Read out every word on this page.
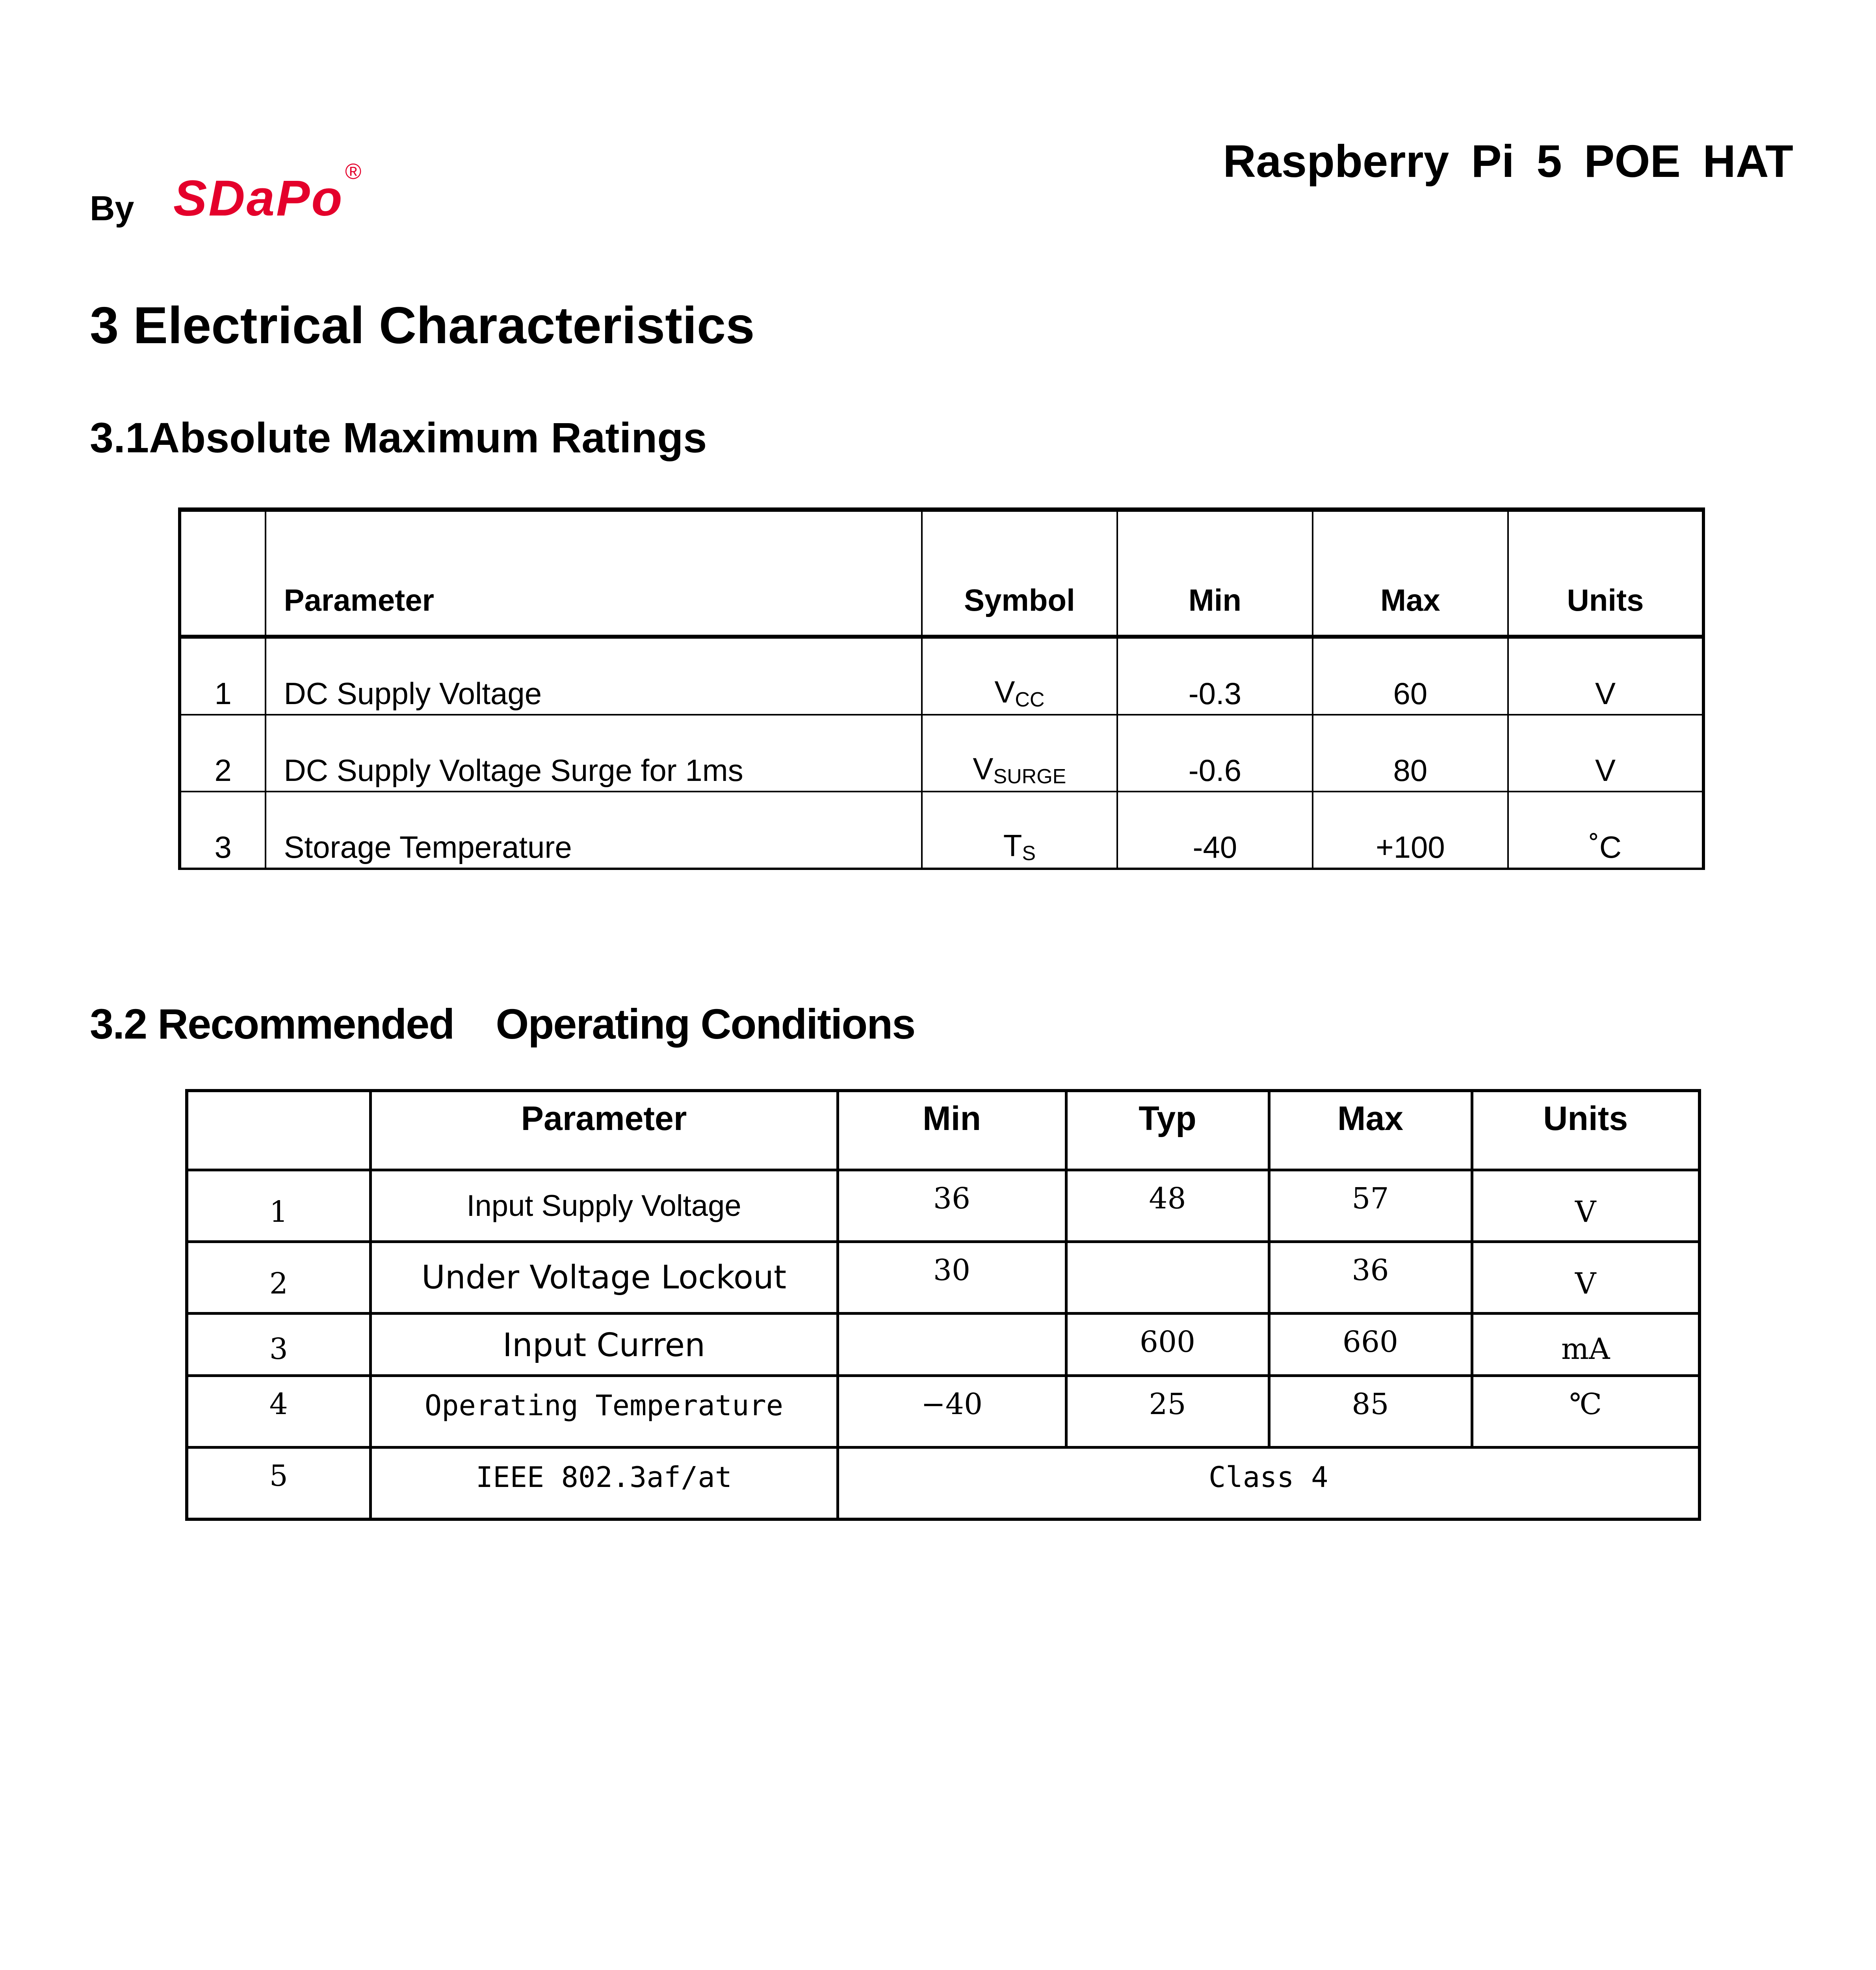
By SDaPo ®	Raspberry Pi 5 POE HAT
3 Electrical Characteristics
3.1Absolute Maximum Ratings
	Parameter	Symbol	Min	Max	Units
1	DC Supply Voltage	$V_{CC}$	-0.3	60	V
2	DC Supply Voltage Surge for 1ms	$V_{SURGE}$	-0.6	80	V
3	Storage Temperature	$T_S$	-40	+100	˚C
3.2 Recommended　Operating Conditions
	Parameter	Min	Typ	Max	Units
1	Input Supply Voltage	36	48	57	V
2	Under Voltage Lockout	30		36	V
3	Input Curren		600	660	mA
4	Operating Temperature	−40	25	85	℃
5	IEEE 802.3af/at	Class 4			
